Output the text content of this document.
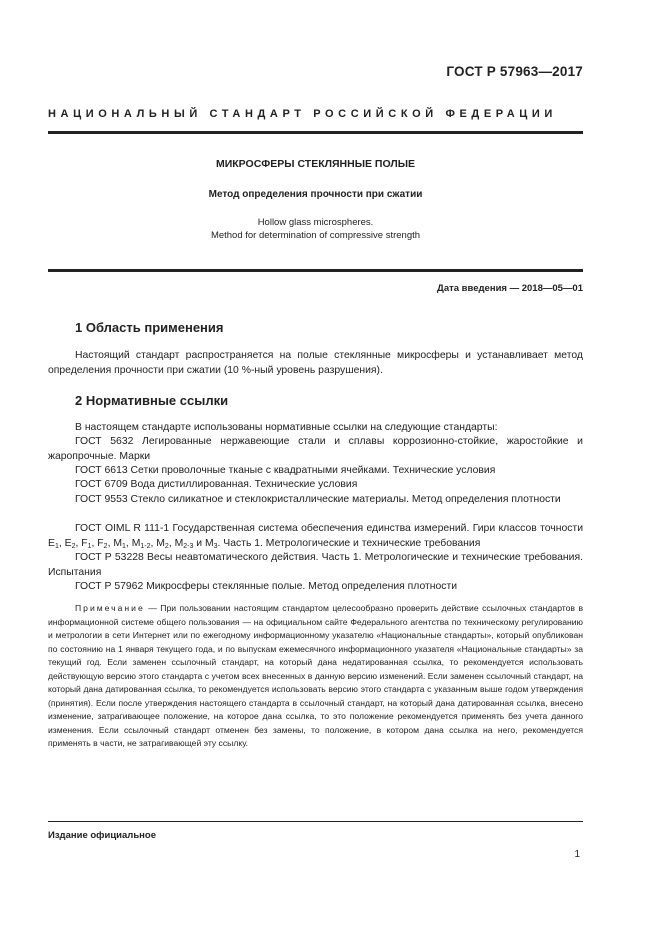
ГОСТ Р 57963—2017
НАЦИОНАЛЬНЫЙ СТАНДАРТ РОССИЙСКОЙ ФЕДЕРАЦИИ
МИКРОСФЕРЫ СТЕКЛЯННЫЕ ПОЛЫЕ
Метод определения прочности при сжатии
Hollow glass microspheres.
Method for determination of compressive strength
Дата введения — 2018—05—01
1 Область применения

Настоящий стандарт распространяется на полые стеклянные микросферы и устанавливает метод определения прочности при сжатии (10 %-ный уровень разрушения).

2 Нормативные ссылки

В настоящем стандарте использованы нормативные ссылки на следующие стандарты:

ГОСТ 5632 Легированные нержавеющие стали и сплавы коррозионно-стойкие, жаростойкие и жаропрочные. Марки

ГОСТ 6613 Сетки проволочные тканые с квадратными ячейками. Технические условия

ГОСТ 6709 Вода дистиллированная. Технические условия

ГОСТ 9553 Стекло силикатное и стеклокристаллические материалы. Метод определения плотности

ГОСТ OIML R 111-1 Государственная система обеспечения единства измерений. Гири классов точности $E_1$, $E_2$, $F_1$, $F_2$, $M_1$, $M_{1-2}$, $M_2$, $M_{2-3}$ и $M_3$. Часть 1. Метрологические и технические требования

ГОСТ Р 53228 Весы неавтоматического действия. Часть 1. Метрологические и технические требования. Испытания

ГОСТ Р 57962 Микросферы стеклянные полые. Метод определения плотности

Примечание — При пользовании настоящим стандартом целесообразно проверить действие ссылочных стандартов в информационной системе общего пользования — на официальном сайте Федерального агентства по техническому регулированию и метрологии в сети Интернет или по ежегодному информационному указателю «Национальные стандарты», который опубликован по состоянию на 1 января текущего года, и по выпускам ежемесячного информационного указателя «Национальные стандарты» за текущий год. Если заменен ссылочный стандарт, на который дана недатированная ссылка, то рекомендуется использовать действующую версию этого стандарта с учетом всех внесенных в данную версию изменений. Если заменен ссылочный стандарт, на который дана датированная ссылка, то рекомендуется использовать версию этого стандарта с указанным выше годом утверждения (принятия). Если после утверждения настоящего стандарта в ссылочный стандарт, на который дана датированная ссылка, внесено изменение, затрагивающее положение, на которое дана ссылка, то это положение рекомендуется применять без учета данного изменения. Если ссылочный стандарт отменен без замены, то положение, в котором дана ссылка на него, рекомендуется применять в части, не затрагивающей эту ссылку.

Издание официальное
1
